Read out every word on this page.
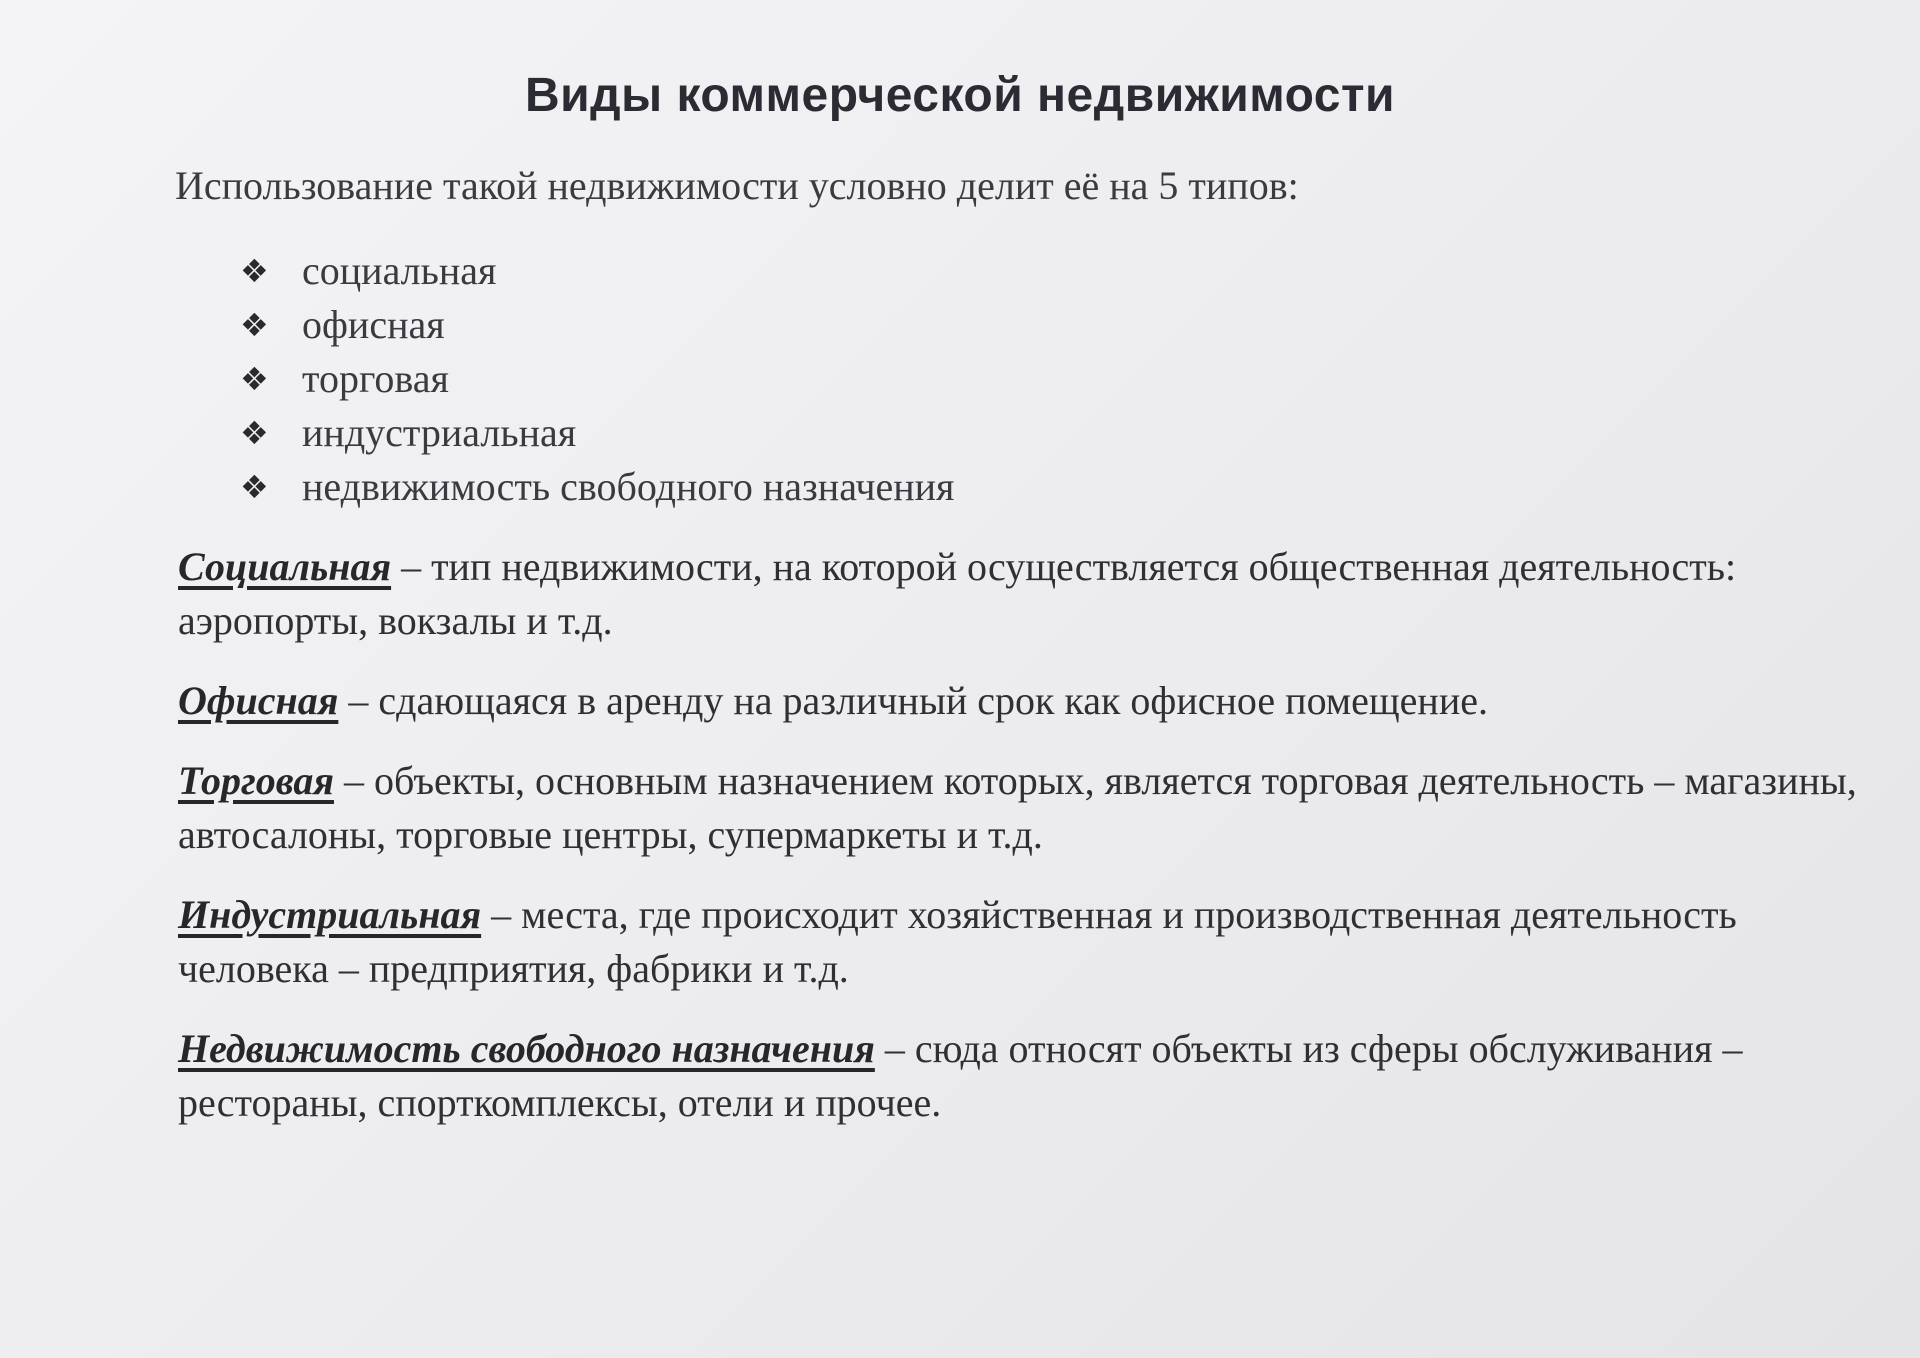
Виды коммерческой недвижимости

Использование такой недвижимости условно делит её на 5 типов:

❖ социальная
❖ офисная
❖ торговая
❖ индустриальная
❖ недвижимость свободного назначения

Социальная – тип недвижимости, на которой осуществляется общественная деятельность: аэропорты, вокзалы и т.д.

Офисная – сдающаяся в аренду на различный срок как офисное помещение.

Торговая – объекты, основным назначением которых, является торговая деятельность – магазины, автосалоны, торговые центры, супермаркеты и т.д.

Индустриальная – места, где происходит хозяйственная и производственная деятельность человека – предприятия, фабрики и т.д.

Недвижимость свободного назначения – сюда относят объекты из сферы обслуживания – рестораны, спорткомплексы, отели и прочее.
